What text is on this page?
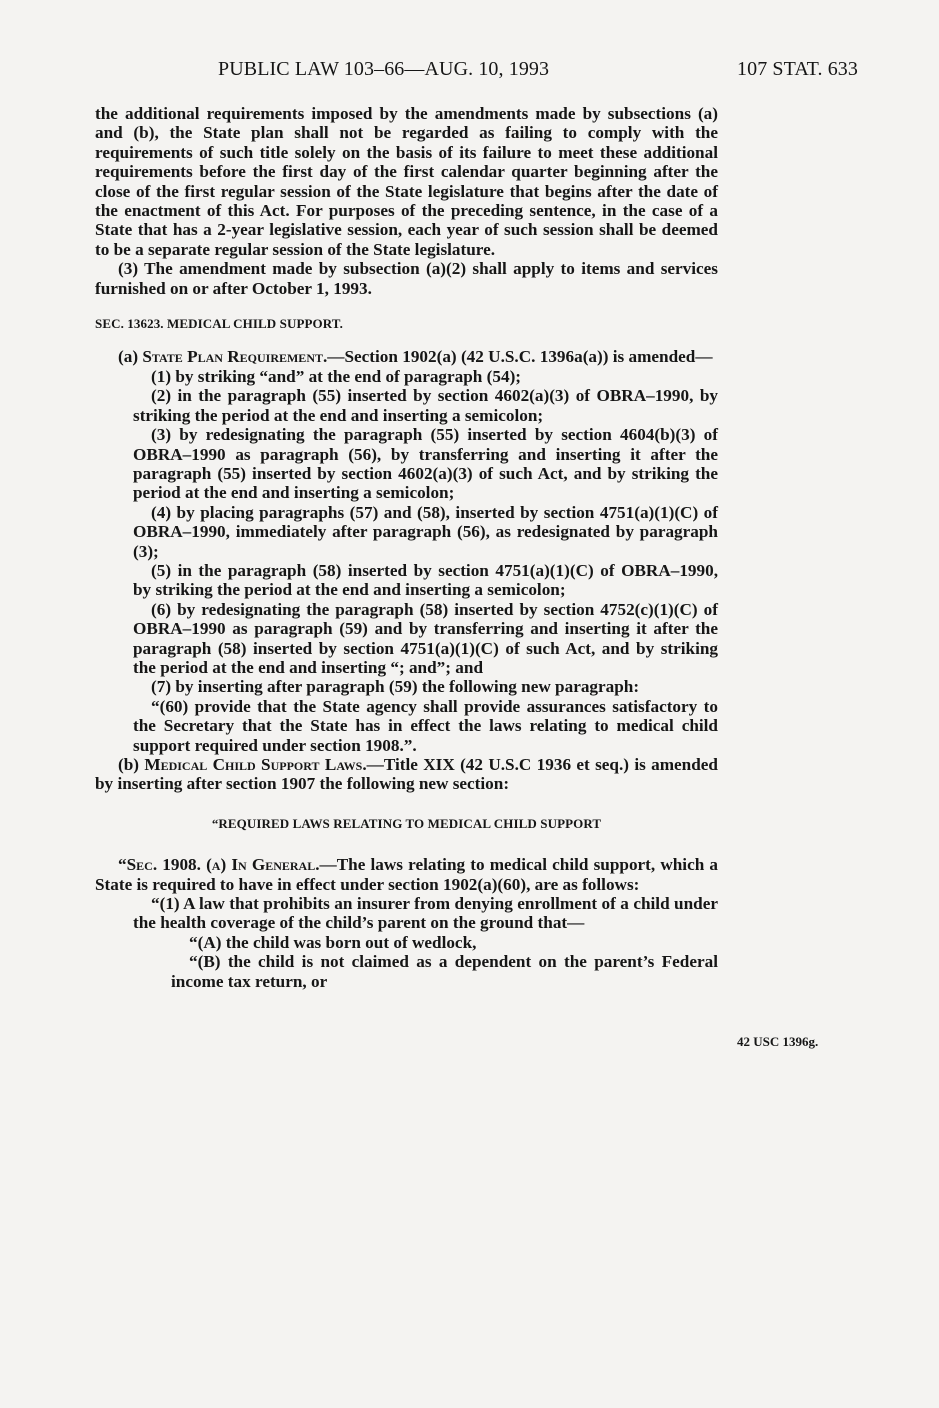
PUBLIC LAW 103–66—AUG. 10, 1993	107 STAT. 633
42 USC 1396g.

the additional requirements imposed by the amendments made by subsections (a) and (b), the State plan shall not be regarded as failing to comply with the requirements of such title solely on the basis of its failure to meet these additional requirements before the first day of the first calendar quarter beginning after the close of the first regular session of the State legislature that begins after the date of the enactment of this Act. For purposes of the preceding sentence, in the case of a State that has a 2-year legislative session, each year of such session shall be deemed to be a separate regular session of the State legislature.

(3) The amendment made by subsection (a)(2) shall apply to items and services furnished on or after October 1, 1993.

SEC. 13623. MEDICAL CHILD SUPPORT.

(a) State Plan Requirement.—Section 1902(a) (42 U.S.C. 1396a(a)) is amended—

(1) by striking “and” at the end of paragraph (54);

(2) in the paragraph (55) inserted by section 4602(a)(3) of OBRA–1990, by striking the period at the end and inserting a semicolon;

(3) by redesignating the paragraph (55) inserted by section 4604(b)(3) of OBRA–1990 as paragraph (56), by transferring and inserting it after the paragraph (55) inserted by section 4602(a)(3) of such Act, and by striking the period at the end and inserting a semicolon;

(4) by placing paragraphs (57) and (58), inserted by section 4751(a)(1)(C) of OBRA–1990, immediately after paragraph (56), as redesignated by paragraph (3);

(5) in the paragraph (58) inserted by section 4751(a)(1)(C) of OBRA–1990, by striking the period at the end and inserting a semicolon;

(6) by redesignating the paragraph (58) inserted by section 4752(c)(1)(C) of OBRA–1990 as paragraph (59) and by transferring and inserting it after the paragraph (58) inserted by section 4751(a)(1)(C) of such Act, and by striking the period at the end and inserting “; and”; and

(7) by inserting after paragraph (59) the following new paragraph:

“(60) provide that the State agency shall provide assurances satisfactory to the Secretary that the State has in effect the laws relating to medical child support required under section 1908.”.

(b) Medical Child Support Laws.—Title XIX (42 U.S.C 1936 et seq.) is amended by inserting after section 1907 the following new section:

“REQUIRED LAWS RELATING TO MEDICAL CHILD SUPPORT

“Sec. 1908. (a) In General.—The laws relating to medical child support, which a State is required to have in effect under section 1902(a)(60), are as follows:

“(1) A law that prohibits an insurer from denying enrollment of a child under the health coverage of the child’s parent on the ground that—

“(A) the child was born out of wedlock,

“(B) the child is not claimed as a dependent on the parent’s Federal income tax return, or
